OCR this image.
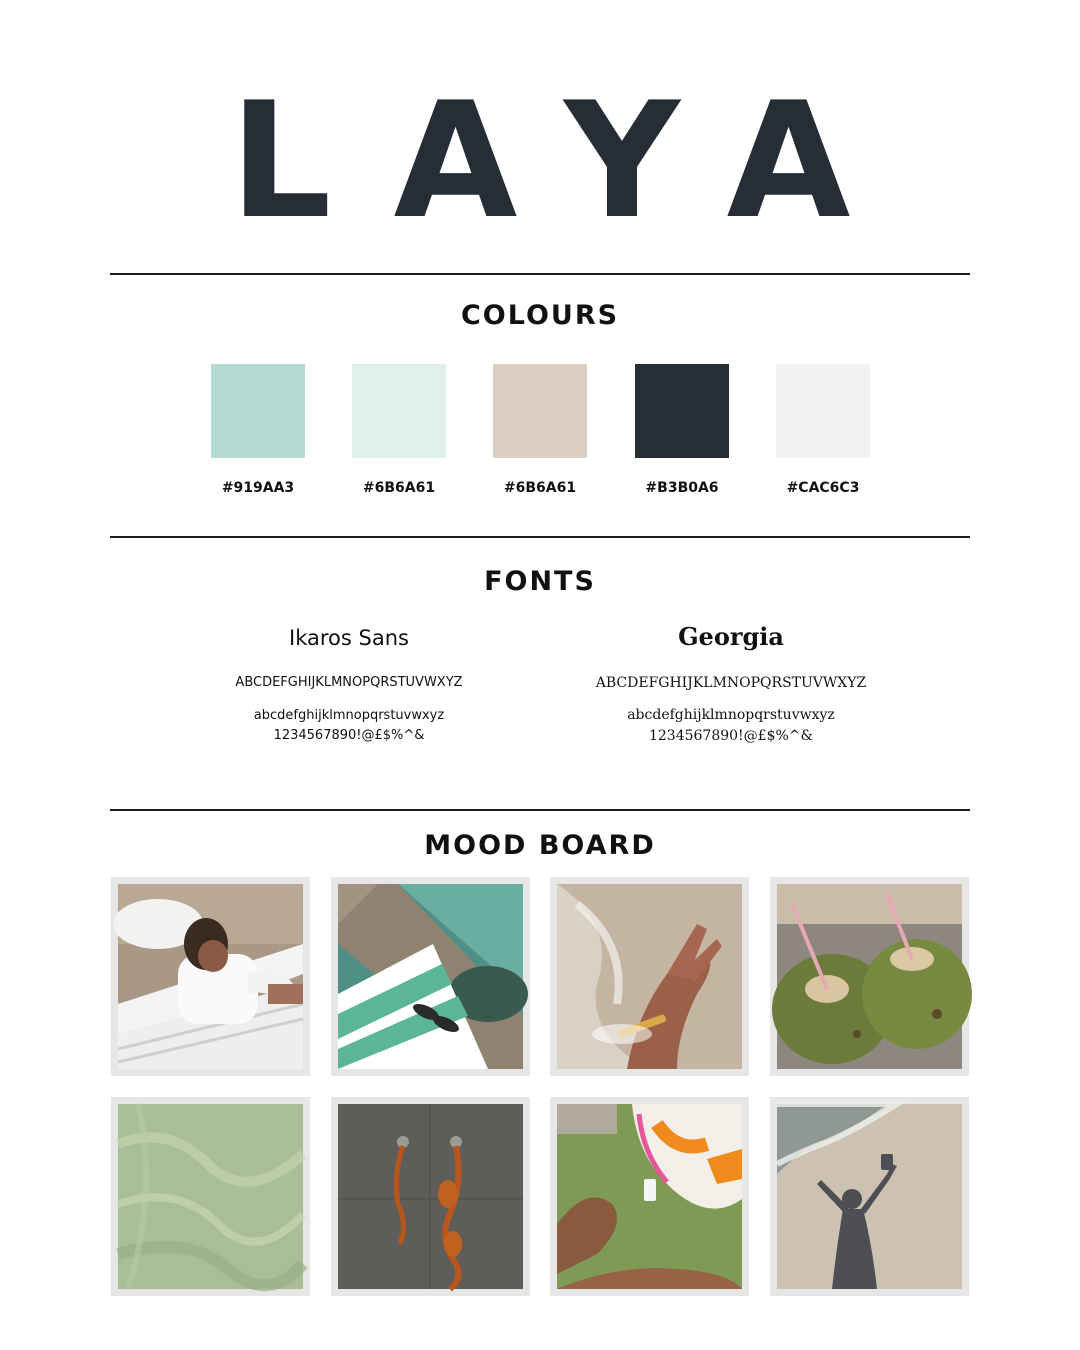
LAYA
COLOURS
#919AA3	#6B6A61	#6B6A61	#B3B0A6	#CAC6C3
FONTS
Ikaros Sans
ABCDEFGHIJKLMNOPQRSTUVWXYZ
abcdefghijklmnopqrstuvwxyz
1234567890!@£$%^&
Georgia
ABCDEFGHIJKLMNOPQRSTUVWXYZ
abcdefghijklmnopqrstuvwxyz
1234567890!@£$%^&
MOOD BOARD
